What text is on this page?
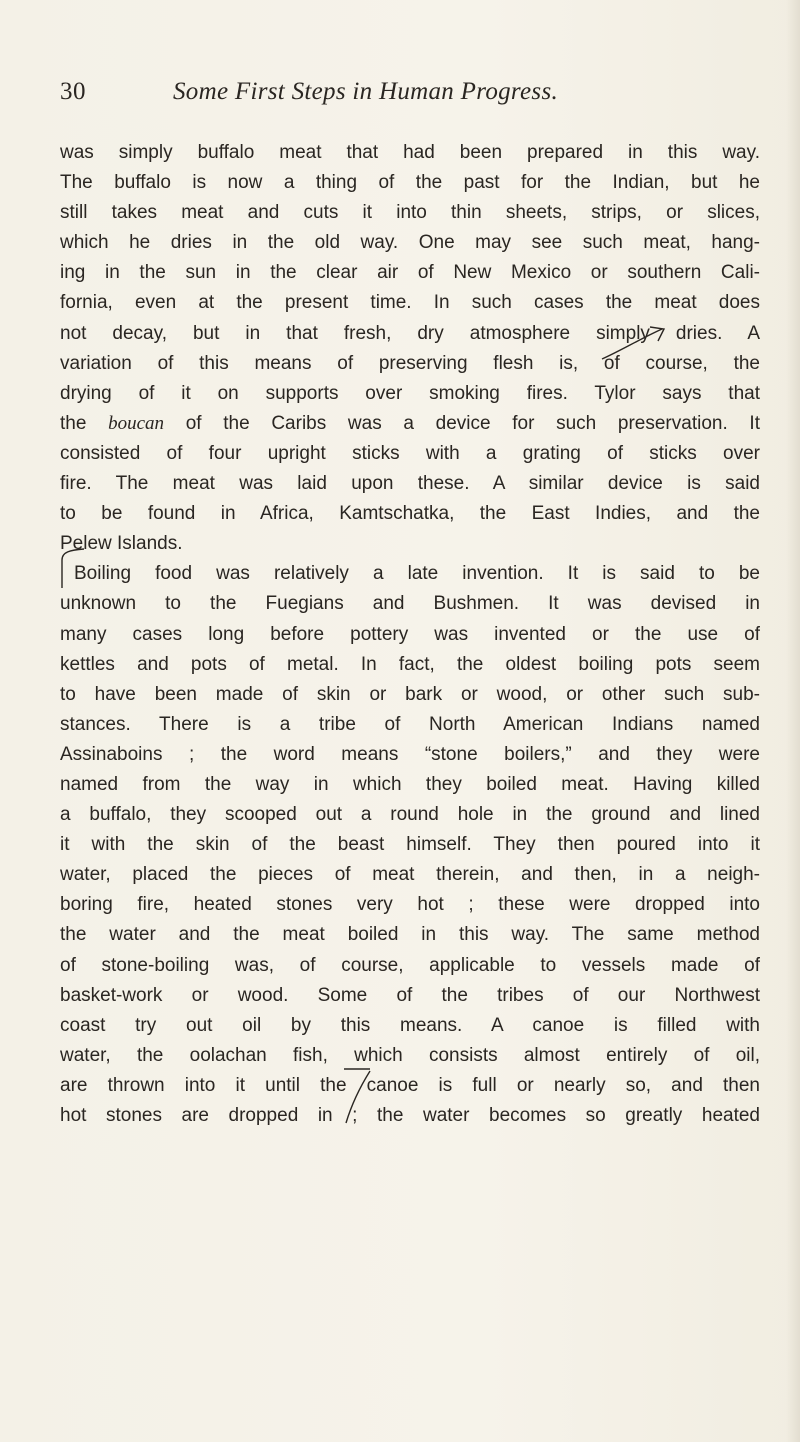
30	Some First Steps in Human Progress.
was simply buffalo meat that had been prepared in this way.
The buffalo is now a thing of the past for the Indian, but he
still takes meat and cuts it into thin sheets, strips, or slices,
which he dries in the old way. One may see such meat, hang-
ing in the sun in the clear air of New Mexico or southern Cali-
fornia, even at the present time. In such cases the meat does
not decay, but in that fresh, dry atmosphere simply dries. A
variation of this means of preserving flesh is, of course, the
drying of it on supports over smoking fires. Tylor says that
the boucan of the Caribs was a device for such preservation. It
consisted of four upright sticks with a grating of sticks over
fire. The meat was laid upon these. A similar device is said
to be found in Africa, Kamtschatka, the East Indies, and the
Pelew Islands.
Boiling food was relatively a late invention. It is said to be
unknown to the Fuegians and Bushmen. It was devised in
many cases long before pottery was invented or the use of
kettles and pots of metal. In fact, the oldest boiling pots seem
to have been made of skin or bark or wood, or other such sub-
stances. There is a tribe of North American Indians named
Assinaboins ; the word means “stone boilers,” and they were
named from the way in which they boiled meat. Having killed
a buffalo, they scooped out a round hole in the ground and lined
it with the skin of the beast himself. They then poured into it
water, placed the pieces of meat therein, and then, in a neigh-
boring fire, heated stones very hot ; these were dropped into
the water and the meat boiled in this way. The same method
of stone-boiling was, of course, applicable to vessels made of
basket-work or wood. Some of the tribes of our Northwest
coast try out oil by this means. A canoe is filled with
water, the oolachan fish, which consists almost entirely of oil,
are thrown into it until the canoe is full or nearly so, and then
hot stones are dropped in ; the water becomes so greatly heated
